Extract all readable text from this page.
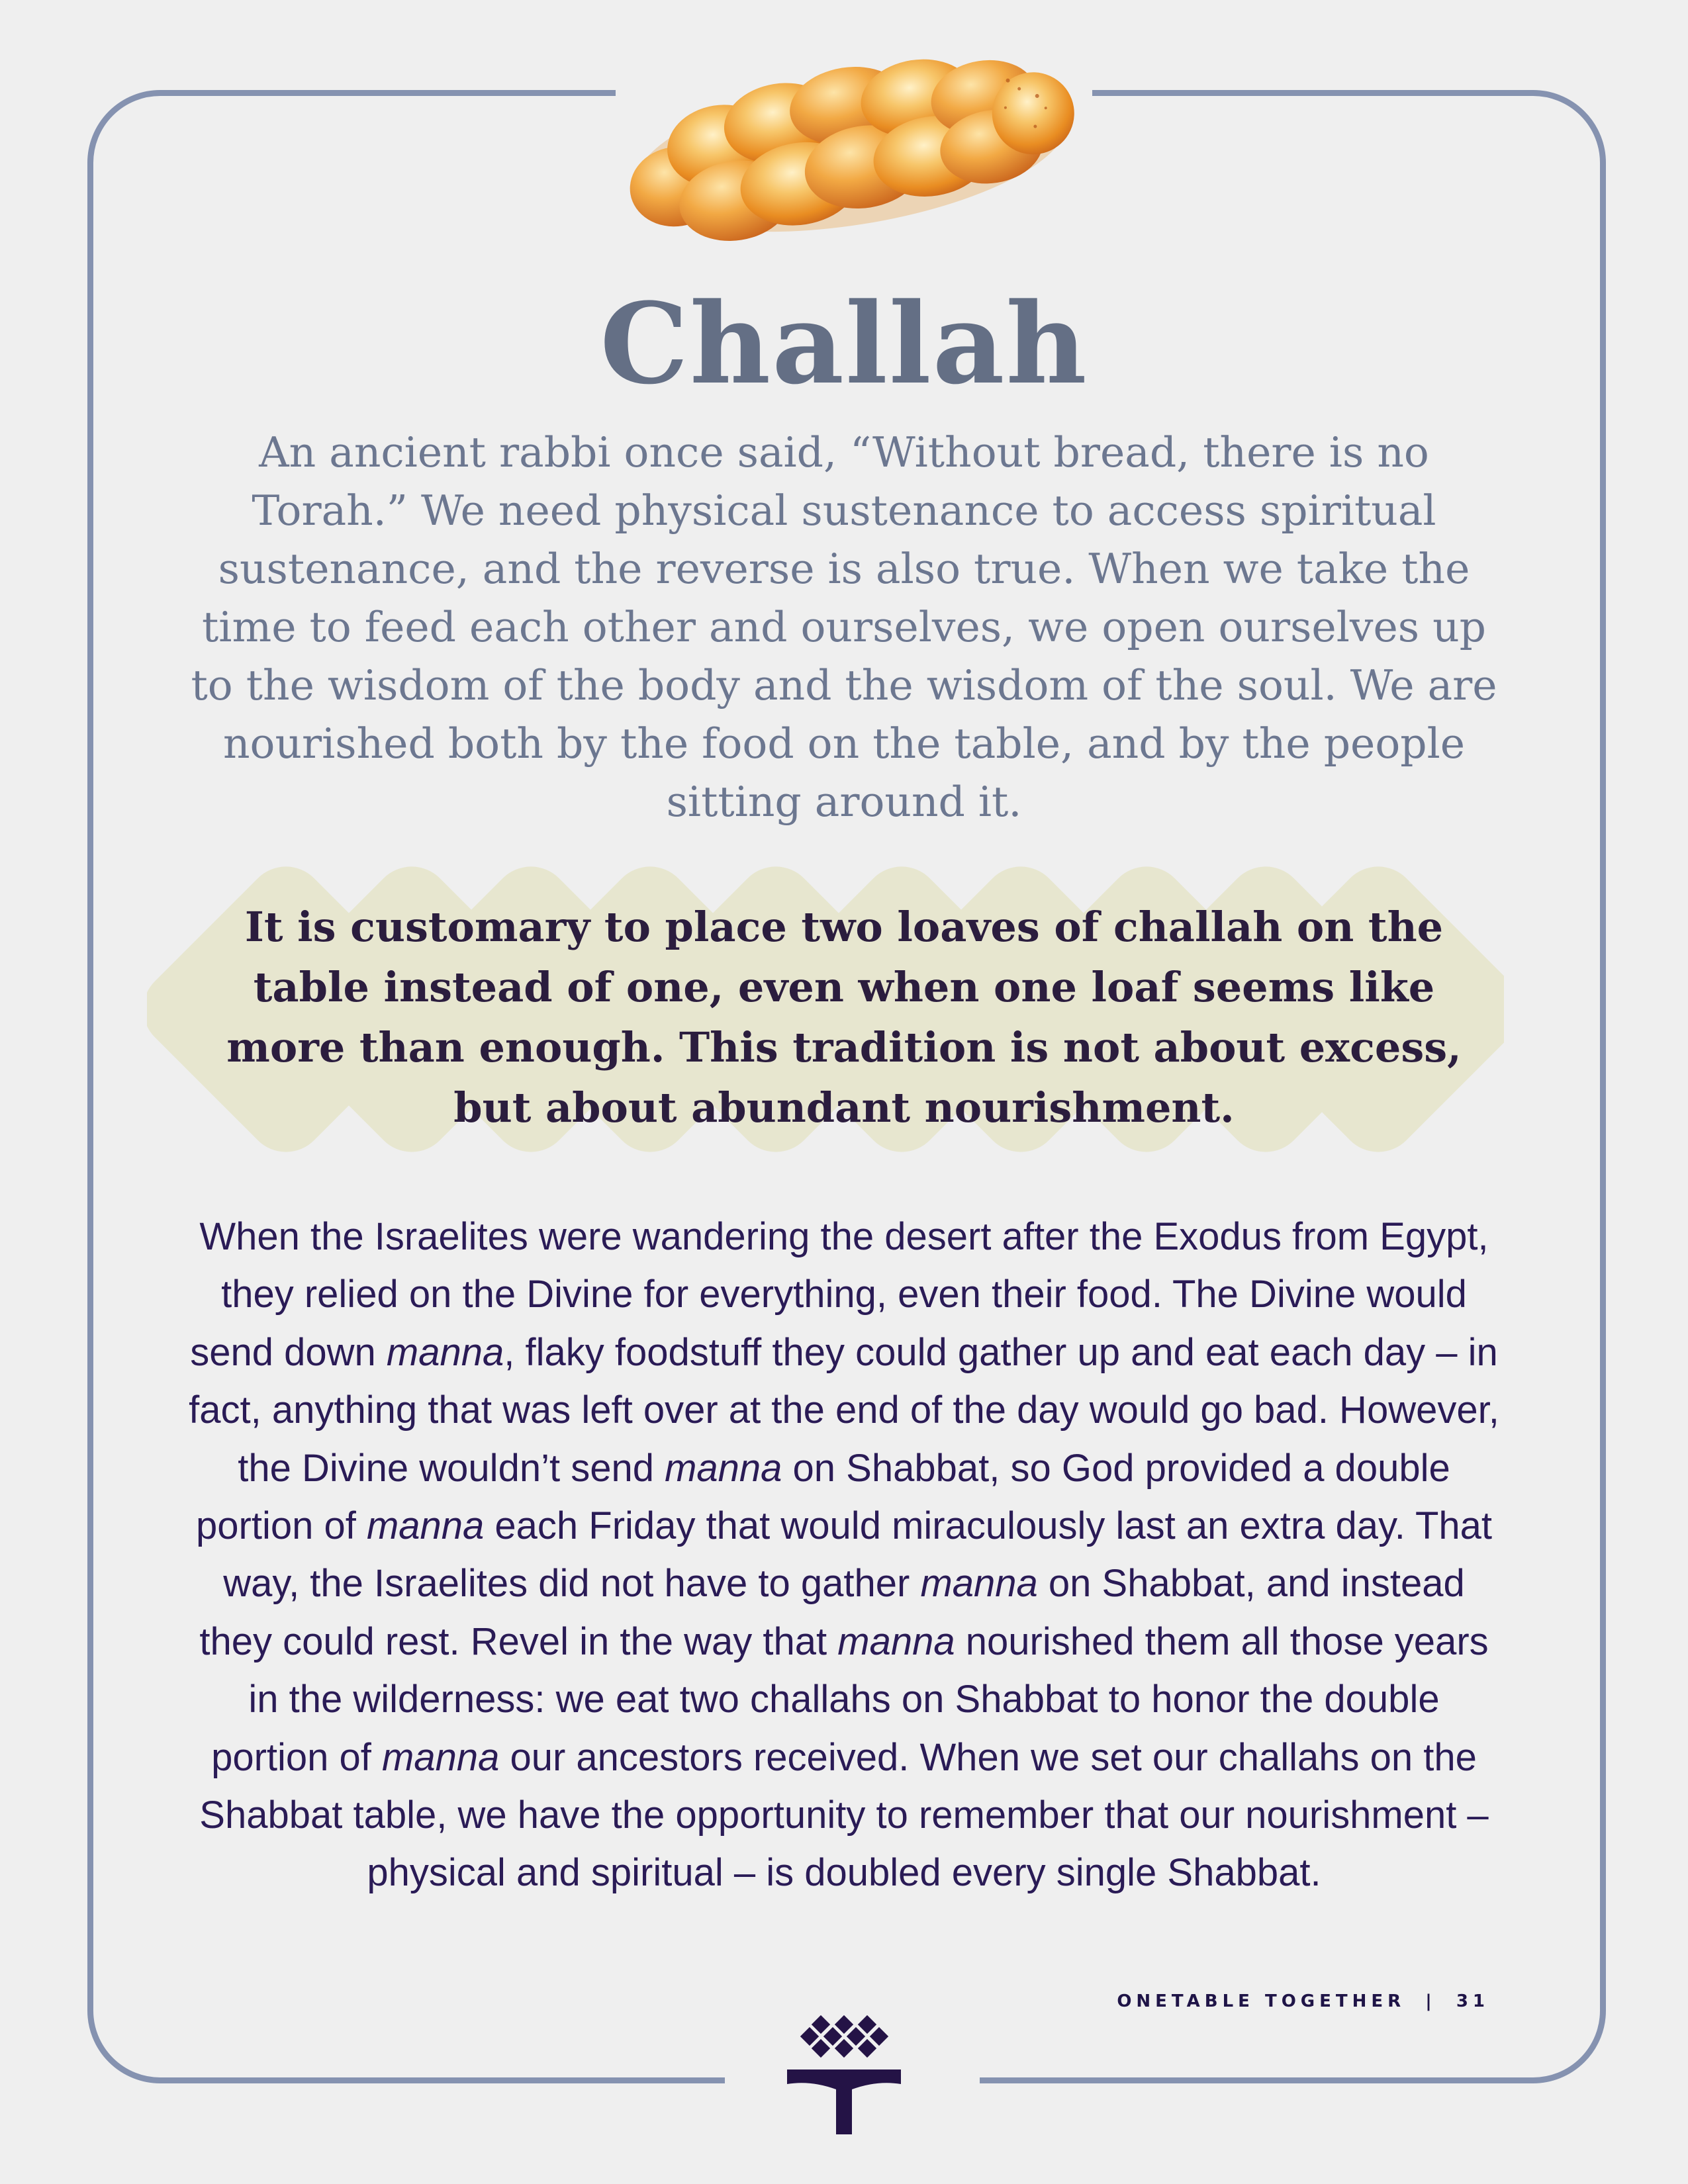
Challah
An ancient rabbi once said, “Without bread, there is no Torah.” We need physical sustenance to access spiritual sustenance, and the reverse is also true. When we take the time to feed each other and ourselves, we open ourselves up to the wisdom of the body and the wisdom of the soul. We are nourished both by the food on the table, and by the people sitting around it.
It is customary to place two loaves of challah on the table instead of one, even when one loaf seems like more than enough. This tradition is not about excess, but about abundant nourishment.
When the Israelites were wandering the desert after the Exodus from Egypt, they relied on the Divine for everything, even their food. The Divine would send down manna, flaky foodstuff they could gather up and eat each day – in fact, anything that was left over at the end of the day would go bad. However, the Divine wouldn’t send manna on Shabbat, so God provided a double portion of manna each Friday that would miraculously last an extra day. That way, the Israelites did not have to gather manna on Shabbat, and instead they could rest. Revel in the way that manna nourished them all those years in the wilderness: we eat two challahs on Shabbat to honor the double portion of manna our ancestors received. When we set our challahs on the Shabbat table, we have the opportunity to remember that our nourishment – physical and spiritual – is doubled every single Shabbat.
ONETABLE TOGETHER | 31
